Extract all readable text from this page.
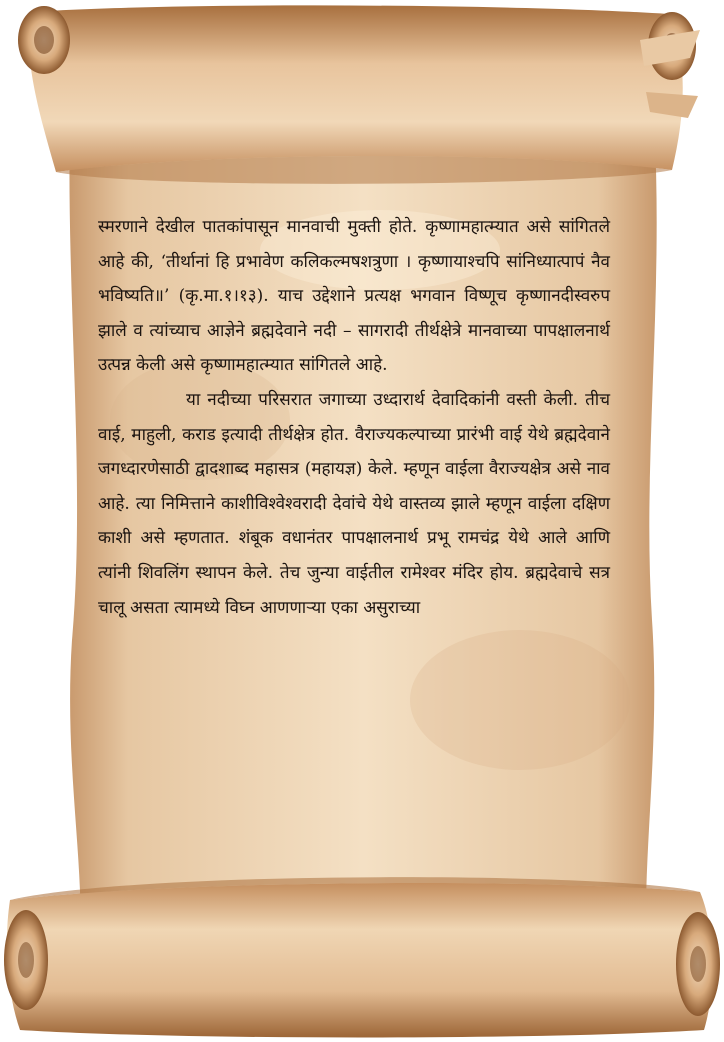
स्मरणाने देखील पातकांपासून मानवाची मुक्ती होते. कृष्णामहात्म्यात असे सांगितले आहे की, ‘तीर्थानां हि प्रभावेण कलिकल्मषशत्रुणा । कृष्णायाश्चपि सांनिध्यात्पापं नैव भविष्यति॥’ (कृ.मा.१।१३). याच उद्देशाने प्रत्यक्ष भगवान विष्णूच कृष्णानदीस्वरुप झाले व त्यांच्याच आज्ञेने ब्रह्मदेवाने नदी – सागरादी तीर्थक्षेत्रे मानवाच्या पापक्षालनार्थ उत्पन्न केली असे कृष्णामहात्म्यात सांगितले आहे.

या नदीच्या परिसरात जगाच्या उध्दारार्थ देवादिकांनी वस्ती केली. तीच वाई, माहुली, कराड इत्यादी तीर्थक्षेत्र होत. वैराज्यकल्पाच्या प्रारंभी वाई येथे ब्रह्मदेवाने जगध्दारणेसाठी द्वादशाब्द महासत्र (महायज्ञ) केले. म्हणून वाईला वैराज्यक्षेत्र असे नाव आहे. त्या निमित्ताने काशीविश्वेश्वरादी देवांचे येथे वास्तव्य झाले म्हणून वाईला दक्षिण काशी असे म्हणतात. शंबूक वधानंतर पापक्षालनार्थ प्रभू रामचंद्र येथे आले आणि त्यांनी शिवलिंग स्थापन केले. तेच जुन्या वाईतील रामेश्वर मंदिर होय. ब्रह्मदेवाचे सत्र चालू असता त्यामध्ये विघ्न आणणाऱ्या एका असुराच्या
